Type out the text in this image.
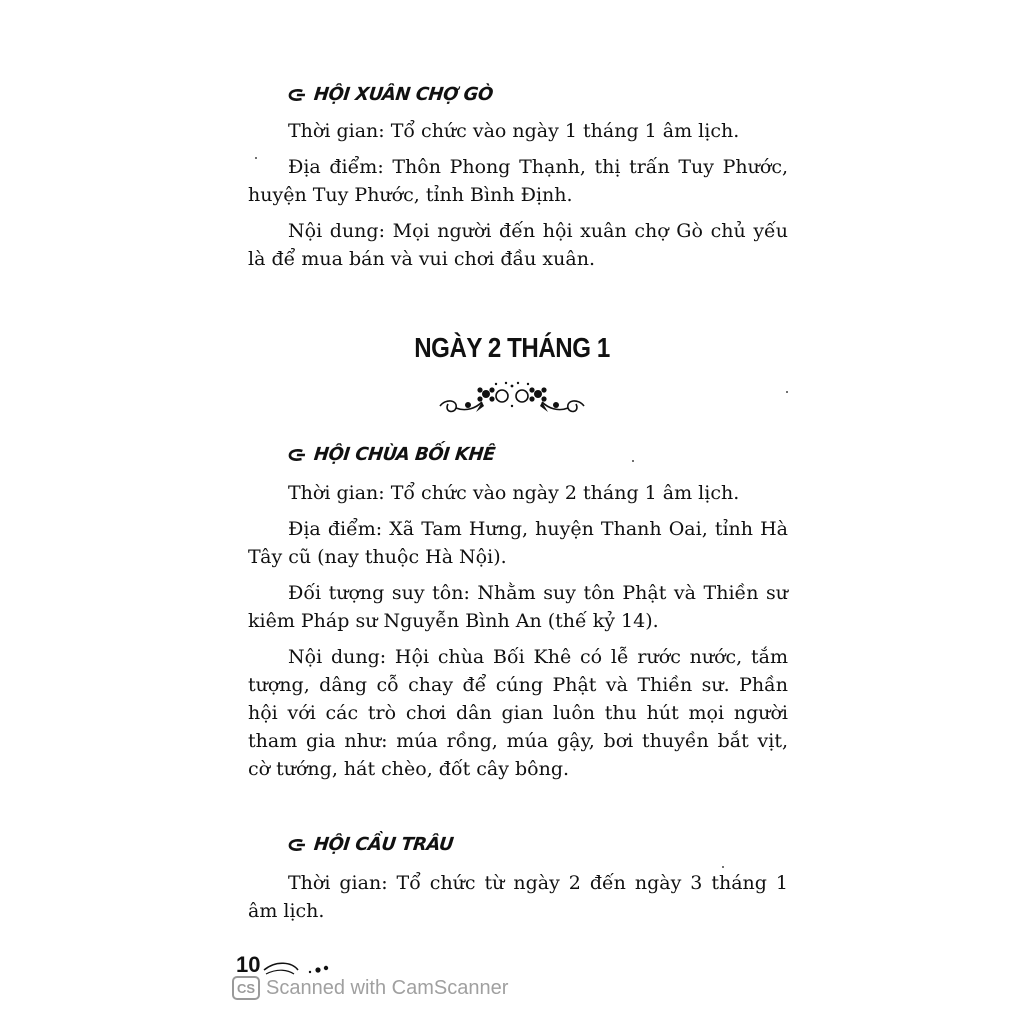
HỘI XUÂN CHỢ GÒ

Thời gian: Tổ chức vào ngày 1 tháng 1 âm lịch.

Địa điểm: Thôn Phong Thạnh, thị trấn Tuy Phước, huyện Tuy Phước, tỉnh Bình Định.

Nội dung: Mọi người đến hội xuân chợ Gò chủ yếu là để mua bán và vui chơi đầu xuân.

NGÀY 2 THÁNG 1
HỘI CHÙA BỐI KHÊ

Thời gian: Tổ chức vào ngày 2 tháng 1 âm lịch.

Địa điểm: Xã Tam Hưng, huyện Thanh Oai, tỉnh Hà Tây cũ (nay thuộc Hà Nội).

Đối tượng suy tôn: Nhằm suy tôn Phật và Thiền sư kiêm Pháp sư Nguyễn Bình An (thế kỷ 14).

Nội dung: Hội chùa Bối Khê có lễ rước nước, tắm tượng, dâng cỗ chay để cúng Phật và Thiền sư. Phần hội với các trò chơi dân gian luôn thu hút mọi người tham gia như: múa rồng, múa gậy, bơi thuyền bắt vịt, cờ tướng, hát chèo, đốt cây bông.

HỘI CẦU TRÂU

Thời gian: Tổ chức từ ngày 2 đến ngày 3 tháng 1 âm lịch.

10
CS Scanned with CamScanner
